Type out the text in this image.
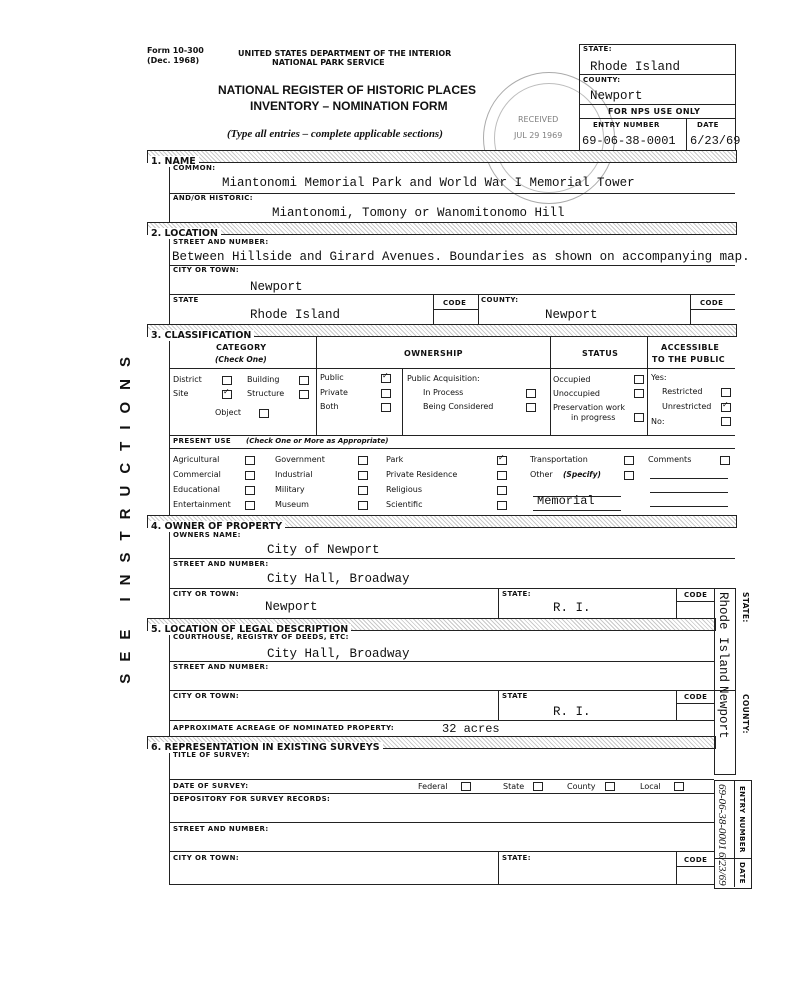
Form 10-300
(Dec. 1968)
UNITED STATES DEPARTMENT OF THE INTERIOR
NATIONAL PARK SERVICE
NATIONAL REGISTER OF HISTORIC PLACES
INVENTORY – NOMINATION FORM
(Type all entries – complete applicable sections)
RECEIVED
JUL 29 1969
STATE:
Rhode Island
COUNTY:
Newport
FOR NPS USE ONLY
ENTRY NUMBER	DATE
69-06-38-0001 6/23/69
SEE INSTRUCTIONS
1. NAME
COMMON:
Miantonomi Memorial Park and World War I Memorial Tower
AND/OR HISTORIC:
Miantonomi, Tomony or Wanomitonomo Hill
2. LOCATION
STREET AND NUMBER:
Between Hillside and Girard Avenues. Boundaries as shown on accompanying map.
CITY OR TOWN:
Newport
STATE
Rhode Island
CODE COUNTY:
Newport
CODE
3. CLASSIFICATION
CATEGORY
(Check One)
OWNERSHIP	STATUS
ACCESSIBLE
TO THE PUBLIC
District	Building
Site
✓	Structure
Object
Public
✓
Private
Both
Public Acquisition:
In Process
Being Considered
Occupied
Unoccupied
Preservation work
in progress
Yes:
Restricted
Unrestricted
✓
No:
PRESENT USE (Check One or More as Appropriate)
Agricultural
Commercial
Educational
Entertainment
Government
Industrial
Military
Museum
Park
✓
Private Residence
Religious
Scientific
Transportation
Other (Specify)
Memorial
Comments
4. OWNER OF PROPERTY
OWNERS NAME:
City of Newport
STREET AND NUMBER:
City Hall, Broadway
CITY OR TOWN:
Newport
STATE:
R. I.
CODE
5. LOCATION OF LEGAL DESCRIPTION
COURTHOUSE, REGISTRY OF DEEDS, ETC:
City Hall, Broadway
STREET AND NUMBER:
CITY OR TOWN:	STATE
R. I.
CODE
APPROXIMATE ACREAGE OF NOMINATED PROPERTY:	32 acres
6. REPRESENTATION IN EXISTING SURVEYS
TITLE OF SURVEY:
DATE OF SURVEY:	Federal	State	County	Local
DEPOSITORY FOR SURVEY RECORDS:
STREET AND NUMBER:
CITY OR TOWN:	STATE:	CODE
STATE:
Rhode Island
COUNTY:
Newport
ENTRY NUMBER
69-06-38-0001
DATE
6/23/69
